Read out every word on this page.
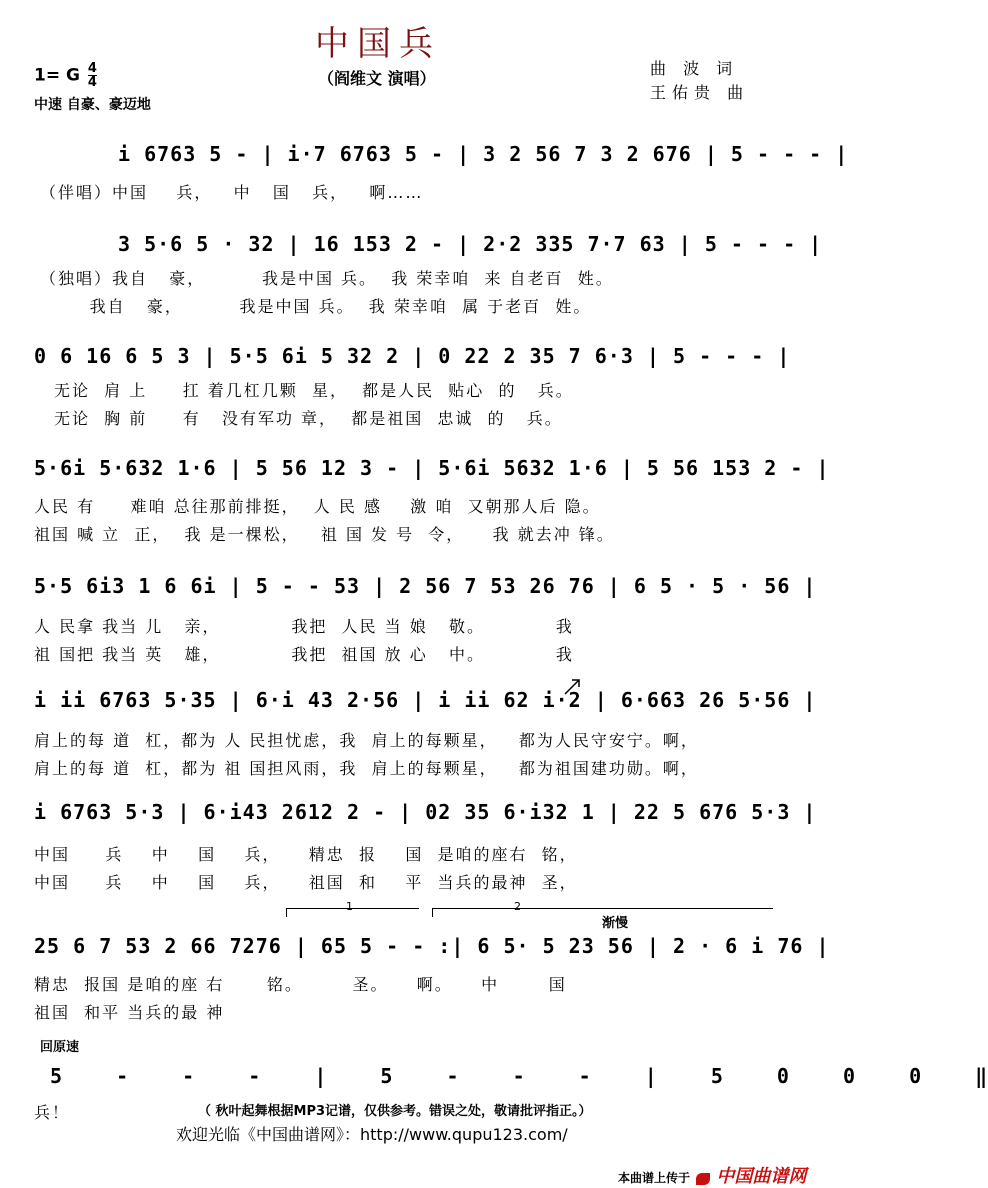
中国兵
（阎维文 演唱）
1= G $\frac{4}{4}$
中速 自豪、豪迈地
曲 波 词
王佑贵 曲
i 6763 5 - | i·7 6763 5 - | 3 2 56 7 3 2 676 | 5 - - - |
（伴唱）中国    兵，   中   国   兵，   啊……
3 5·6 5 · 32 | 16 153 2 - | 2·2 335 7·7 63 | 5 - - - |
（独唱）我自   豪，        我是中国 兵。  我 荣幸咱  来 自老百  姓。
我自   豪，        我是中国 兵。  我 荣幸咱  属 于老百  姓。
0 6 16 6 5 3 | 5·5 6i 5 32 2 | 0 22 2 35 7 6·3 | 5 - - - |
无论  肩 上     扛 着几杠几颗  星，  都是人民  贴心  的   兵。
无论  胸 前     有   没有军功 章，  都是祖国  忠诚  的   兵。
5·6i 5·632 1·6 | 5 56 12 3 - | 5·6i 5632 1·6 | 5 56 153 2 - |
人民 有     难咱 总往那前排挺，  人 民 感    激 咱  又朝那人后 隐。
祖国 喊 立  正，  我 是一棵松，   祖 国 发 号  令，    我 就去冲 锋。
5·5 6i3 1 6 6i | 5 - - 53 | 2 56 7 53 26 76 | 6 5 · 5 · 56 |
人 民拿 我当 儿   亲，          我把  人民 当 娘   敬。          我
祖 国把 我当 英   雄，          我把  祖国 放 心   中。          我
i ii 6763 5·35 | 6·i 43 2·56 | i ii 62 i·2 | 6·663 26 5·56 |
肩上的每 道  杠，都为 人 民担忧虑，我  肩上的每颗星，   都为人民守安宁。啊，
肩上的每 道  杠，都为 祖 国担风雨，我  肩上的每颗星，   都为祖国建功勋。啊，
i 6763 5·3 | 6·i43 2612 2 - | 02 35 6·i32 1 | 22 5 676 5·3 |
中国     兵    中    国    兵，    精忠  报    国  是咱的座右  铭，
中国     兵    中    国    兵，    祖国  和    平  当兵的最神  圣，
1	2
渐慢
25 6 7 53 2 66 7276 | 65 5 - - :| 6 5· 5 23 56 | 2 · 6 i 76 |
精忠  报国 是咱的座 右      铭。       圣。    啊。    中       国
祖国  和平 当兵的最 神
回原速
5 - - - | 5 - - - | 5 0 0 0 ‖
兵！	（ 秋叶起舞根据MP3记谱，仅供参考。错误之处，敬请批评指正。）
欢迎光临《中国曲谱网》：http://www.qupu123.com/
本曲谱上传于 中国曲谱网
